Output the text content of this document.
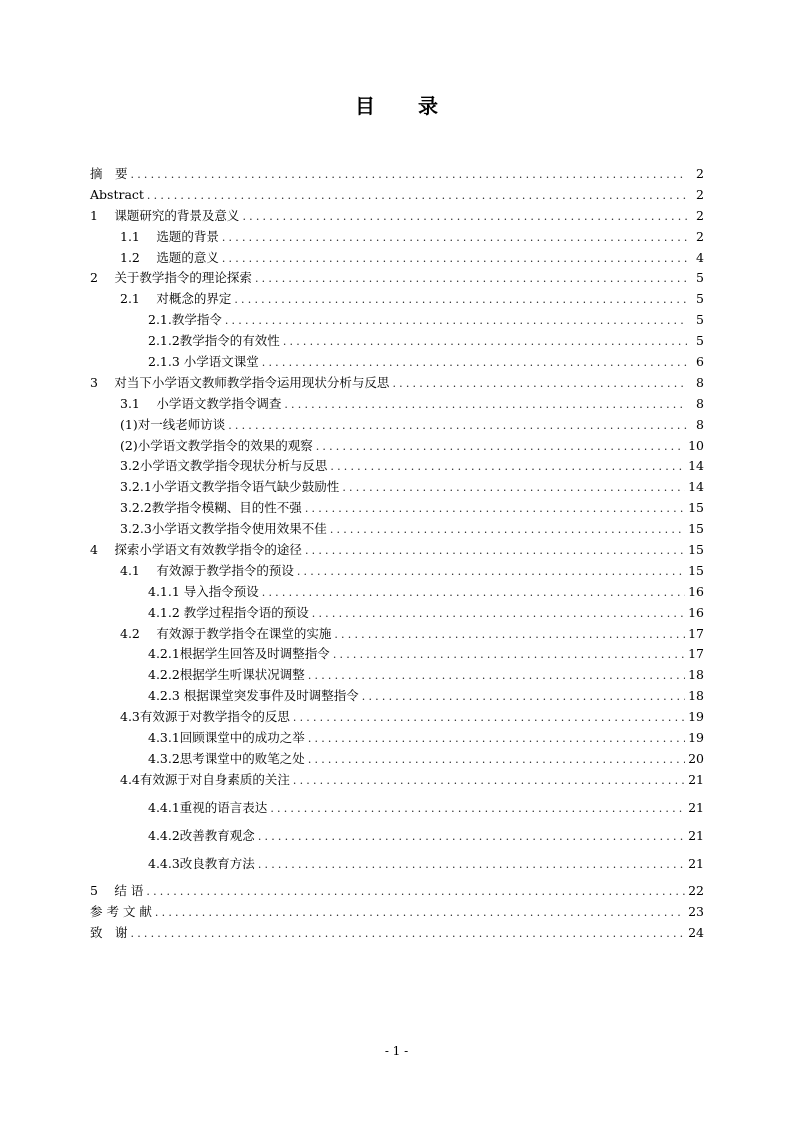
目 录
摘　要 .....	2
Abstract .....	2
1　 课题研究的背景及意义 .....	2
1.1　 选题的背景 .....	2
1.2　 选题的意义 .....	4
2　 关于教学指令的理论探索 .....	5
2.1　 对概念的界定 .....	5
2.1.教学指令 .....	5
2.1.2教学指令的有效性 .....	5
2.1.3 小学语文课堂 .....	6
3　 对当下小学语文教师教学指令运用现状分析与反思 .....	8
3.1　 小学语文教学指令调查 .....	8
(1)对一线老师访谈 .....	8
(2)小学语文教学指令的效果的观察 .....	10
3.2小学语文教学指令现状分析与反思 .....	14
3.2.1小学语文教学指令语气缺少鼓励性 .....	14
3.2.2教学指令模糊、目的性不强 .....	15
3.2.3小学语文教学指令使用效果不佳 .....	15
4　 探索小学语文有效教学指令的途径 .....	15
4.1　 有效源于教学指令的预设 .....	15
4.1.1 导入指令预设 .....	16
4.1.2 教学过程指令语的预设 .....	16
4.2　 有效源于教学指令在课堂的实施 .....	17
4.2.1根据学生回答及时调整指令 .....	17
4.2.2根据学生听课状况调整 .....	18
4.2.3 根据课堂突发事件及时调整指令 .....	18
4.3有效源于对教学指令的反思 .....	19
4.3.1回顾课堂中的成功之举 .....	19
4.3.2思考课堂中的败笔之处 .....	20
4.4有效源于对自身素质的关注 .....	21
4.4.1重视的语言表达 .....	21
4.4.2改善教育观念 .....	21
4.4.3改良教育方法 .....	21
5　 结 语 .....	22
参 考 文 献 .....	23
致　谢 .....	24
- 1 -
